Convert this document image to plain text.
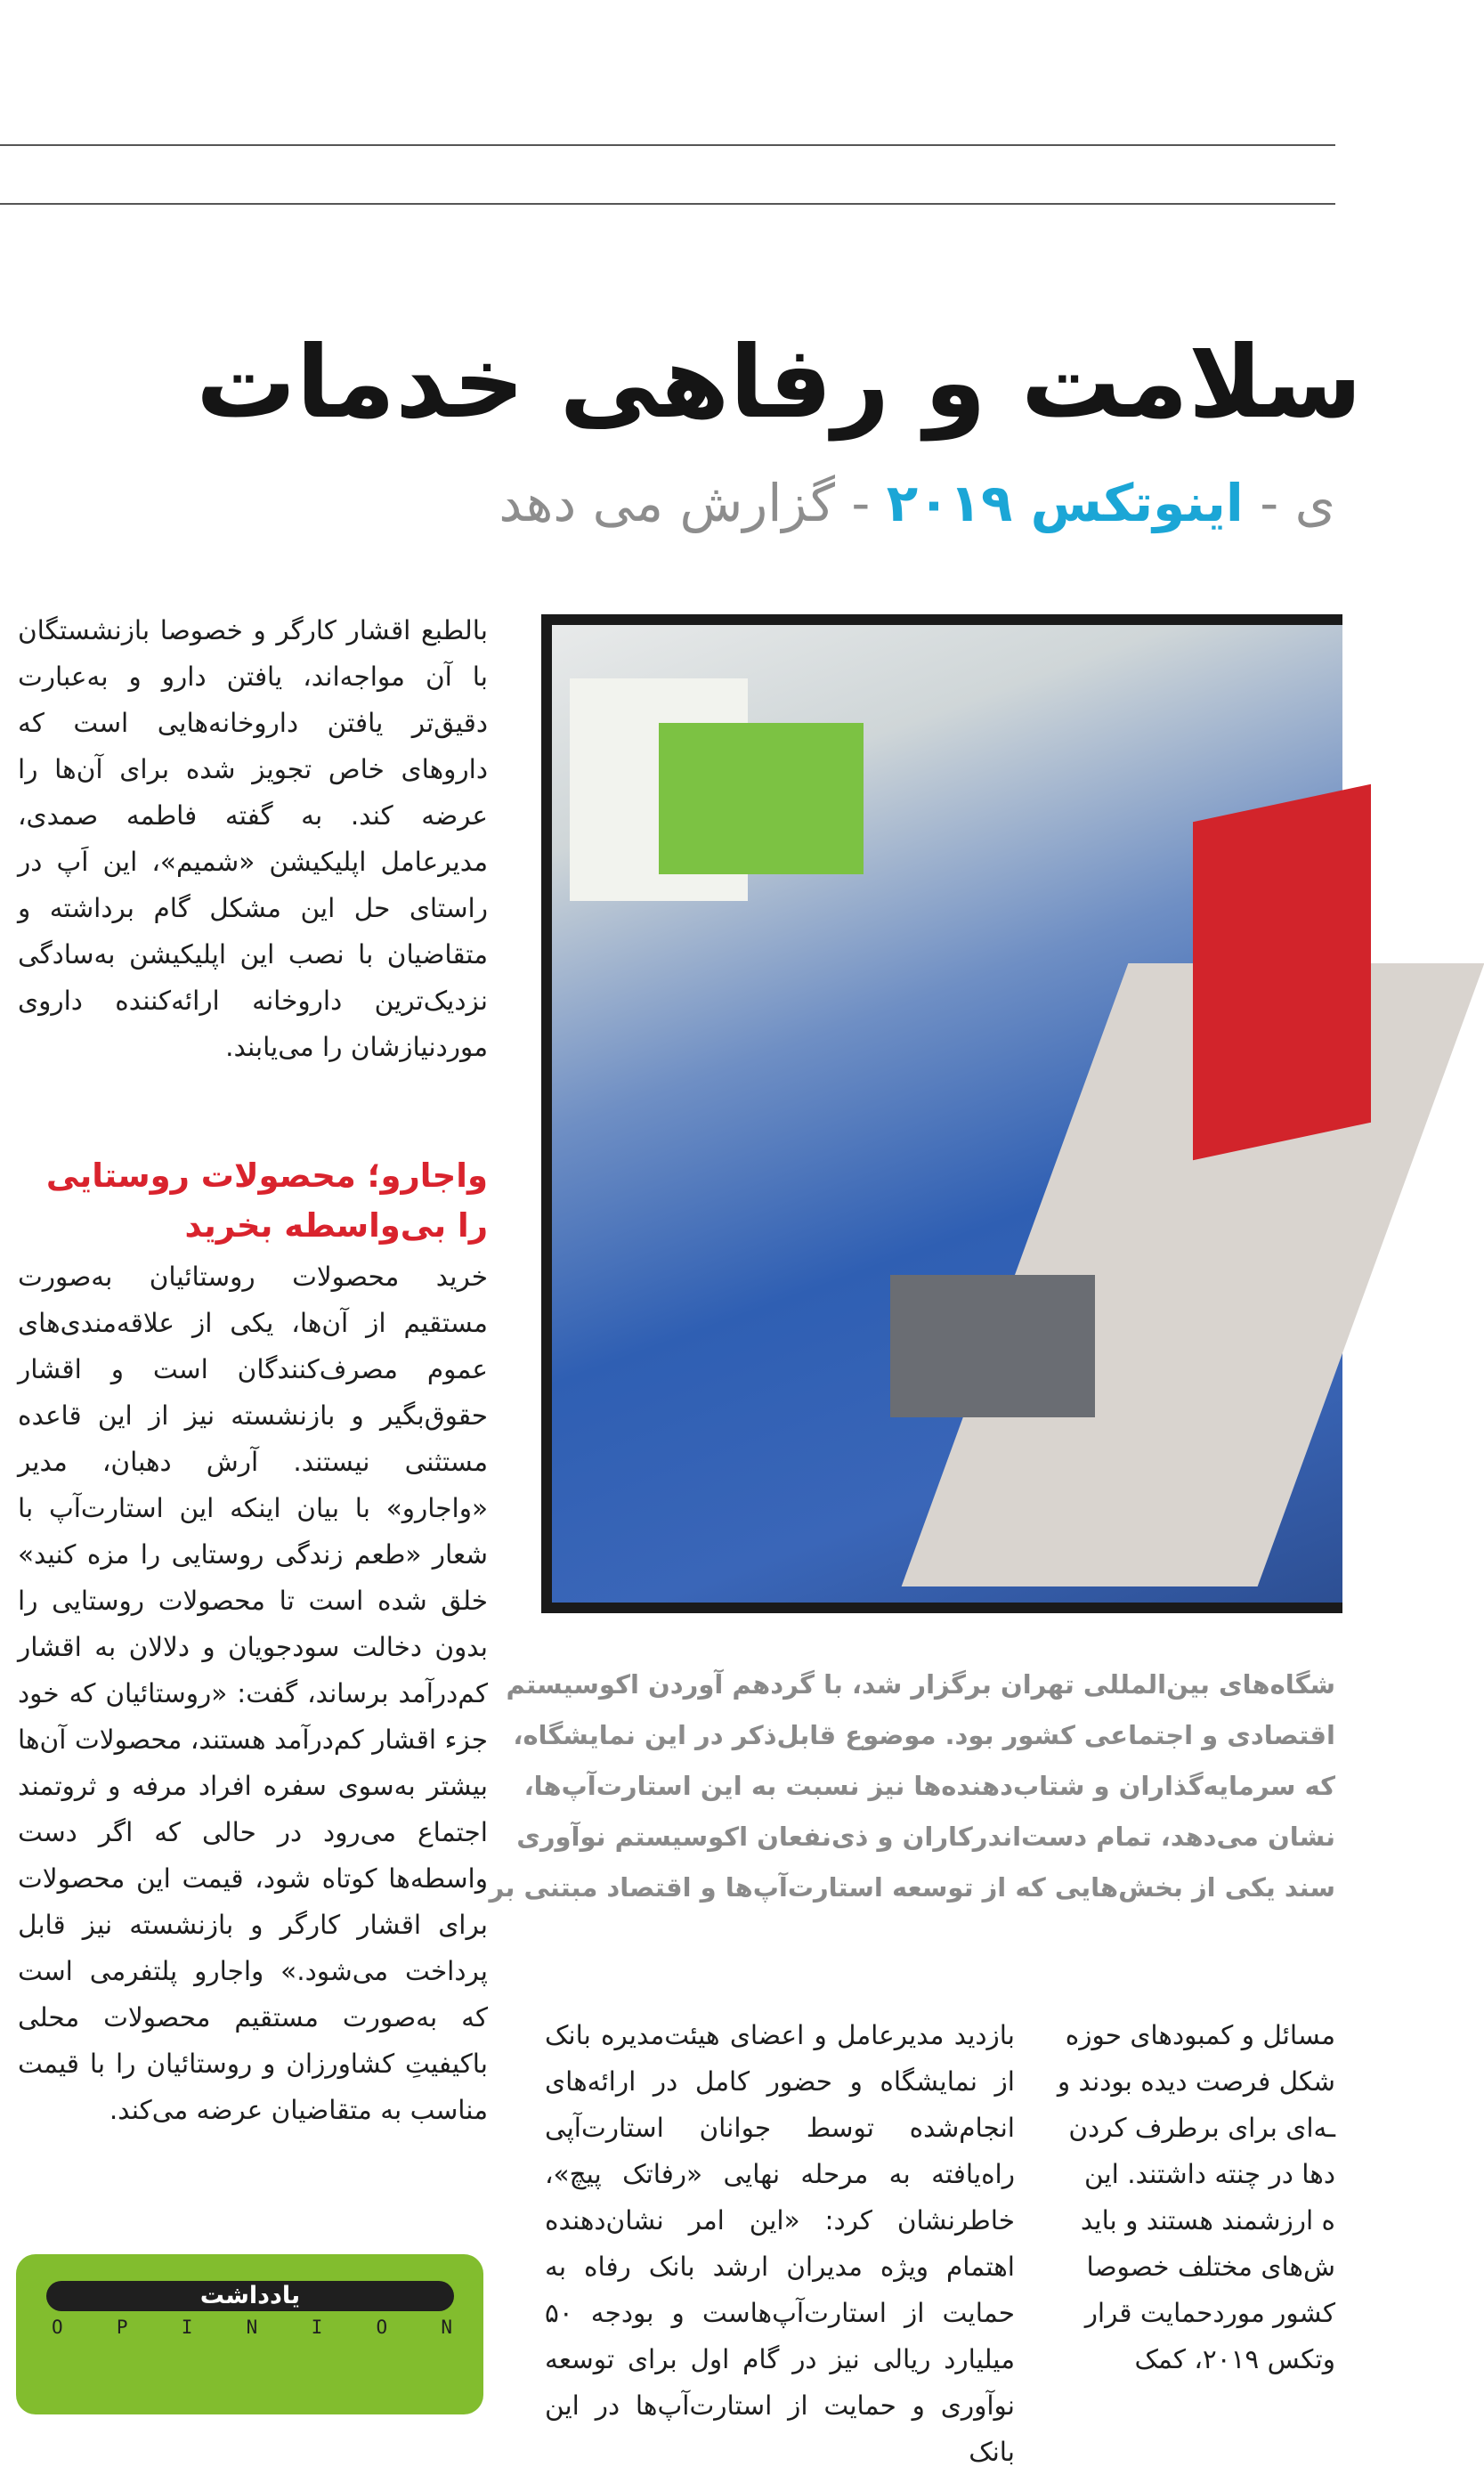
سلامت و رفاهی خدمات
ی - اینوتکس ۲۰۱۹ - گزارش می دهد

بالطبع اقشار کارگر و خصوصا بازنشستگان با آن مواجه‌اند، یافتن دارو و به‌عبارت دقیق‌تر یافتن داروخانه‌هایی است که داروهای خاص تجویز شده برای آن‌ها را عرضه کند. به گفته فاطمه صمدی، مدیرعامل اپلیکیشن «شمیم»، این اَپ در راستای حل این مشکل گام برداشته و متقاضیان با نصب این اپلیکیشن به‌سادگی نزدیک‌ترین داروخانه ارائه‌کننده داروی موردنیازشان را می‌یابند.

واجارو؛ محصولات روستایی را بی‌واسطه بخرید

خرید محصولات روستائیان به‌صورت مستقیم از آن‌ها، یکی از علاقه‌مندی‌های عموم مصرف‌کنندگان است و اقشار حقوق‌بگیر و بازنشسته نیز از این قاعده مستثنی نیستند. آرش دهبان، مدیر «واجارو» با بیان اینکه این استارت‌آپ با شعار «طعم زندگی روستایی را مزه کنید» خلق شده است تا محصولات روستایی را بدون دخالت سودجویان و دلالان به اقشار کم‌درآمد برساند، گفت: «روستائیان که خود جزء اقشار کم‌درآمد هستند، محصولات آن‌ها بیشتر به‌سوی سفره افراد مرفه و ثروتمند اجتماع می‌رود در حالی که اگر دست واسطه‌ها کوتاه شود، قیمت این محصولات برای اقشار کارگر و بازنشسته نیز قابل پرداخت می‌شود.» واجارو پلتفرمی است که به‌صورت مستقیم محصولات محلی باکیفیتِ کشاورزان و روستائیان را با قیمت مناسب به متقاضیان عرضه می‌کند.

شگاه‌های بین‌المللی تهران برگزار شد، با گردهم آوردن اکوسیستم
اقتصادی و اجتماعی کشور بود. موضوع قابل‌ذکر در این نمایشگاه،
که سرمایه‌گذاران و شتاب‌دهنده‌ها نیز نسبت به این استارت‌آپ‌ها،
نشان می‌دهد، تمام دست‌اندرکاران و ذی‌نفعان اکوسیستم نوآوری
سند یکی از بخش‌هایی که از توسعه استارت‌آپ‌ها و اقتصاد مبتنی بر

بازدید مدیرعامل و اعضای هیئت‌مدیره بانک از نمایشگاه و حضور کامل در ارائه‌های انجام‌شده توسط جوانان استارت‌آپی راه‌یافته به مرحله نهایی «رفاتک پیچ»، خاطرنشان کرد: «این امر نشان‌دهنده اهتمام ویژه مدیران ارشد بانک رفاه به حمایت از استارت‌آپ‌هاست و بودجه ۵۰ میلیارد ریالی نیز در گام اول برای توسعه نوآوری و حمایت از استارت‌آپ‌ها در این بانک

مسائل و کمبودهای حوزه
شکل فرصت دیده بودند و
ـه‌ای برای برطرف کردن
دها در چنته داشتند. این
ه ارزشمند هستند و باید
ش‌های مختلف خصوصا
کشور موردحمایت قرار
وتکس ۲۰۱۹، کمک
یادداشت
O	P	I	N	I	O	N
